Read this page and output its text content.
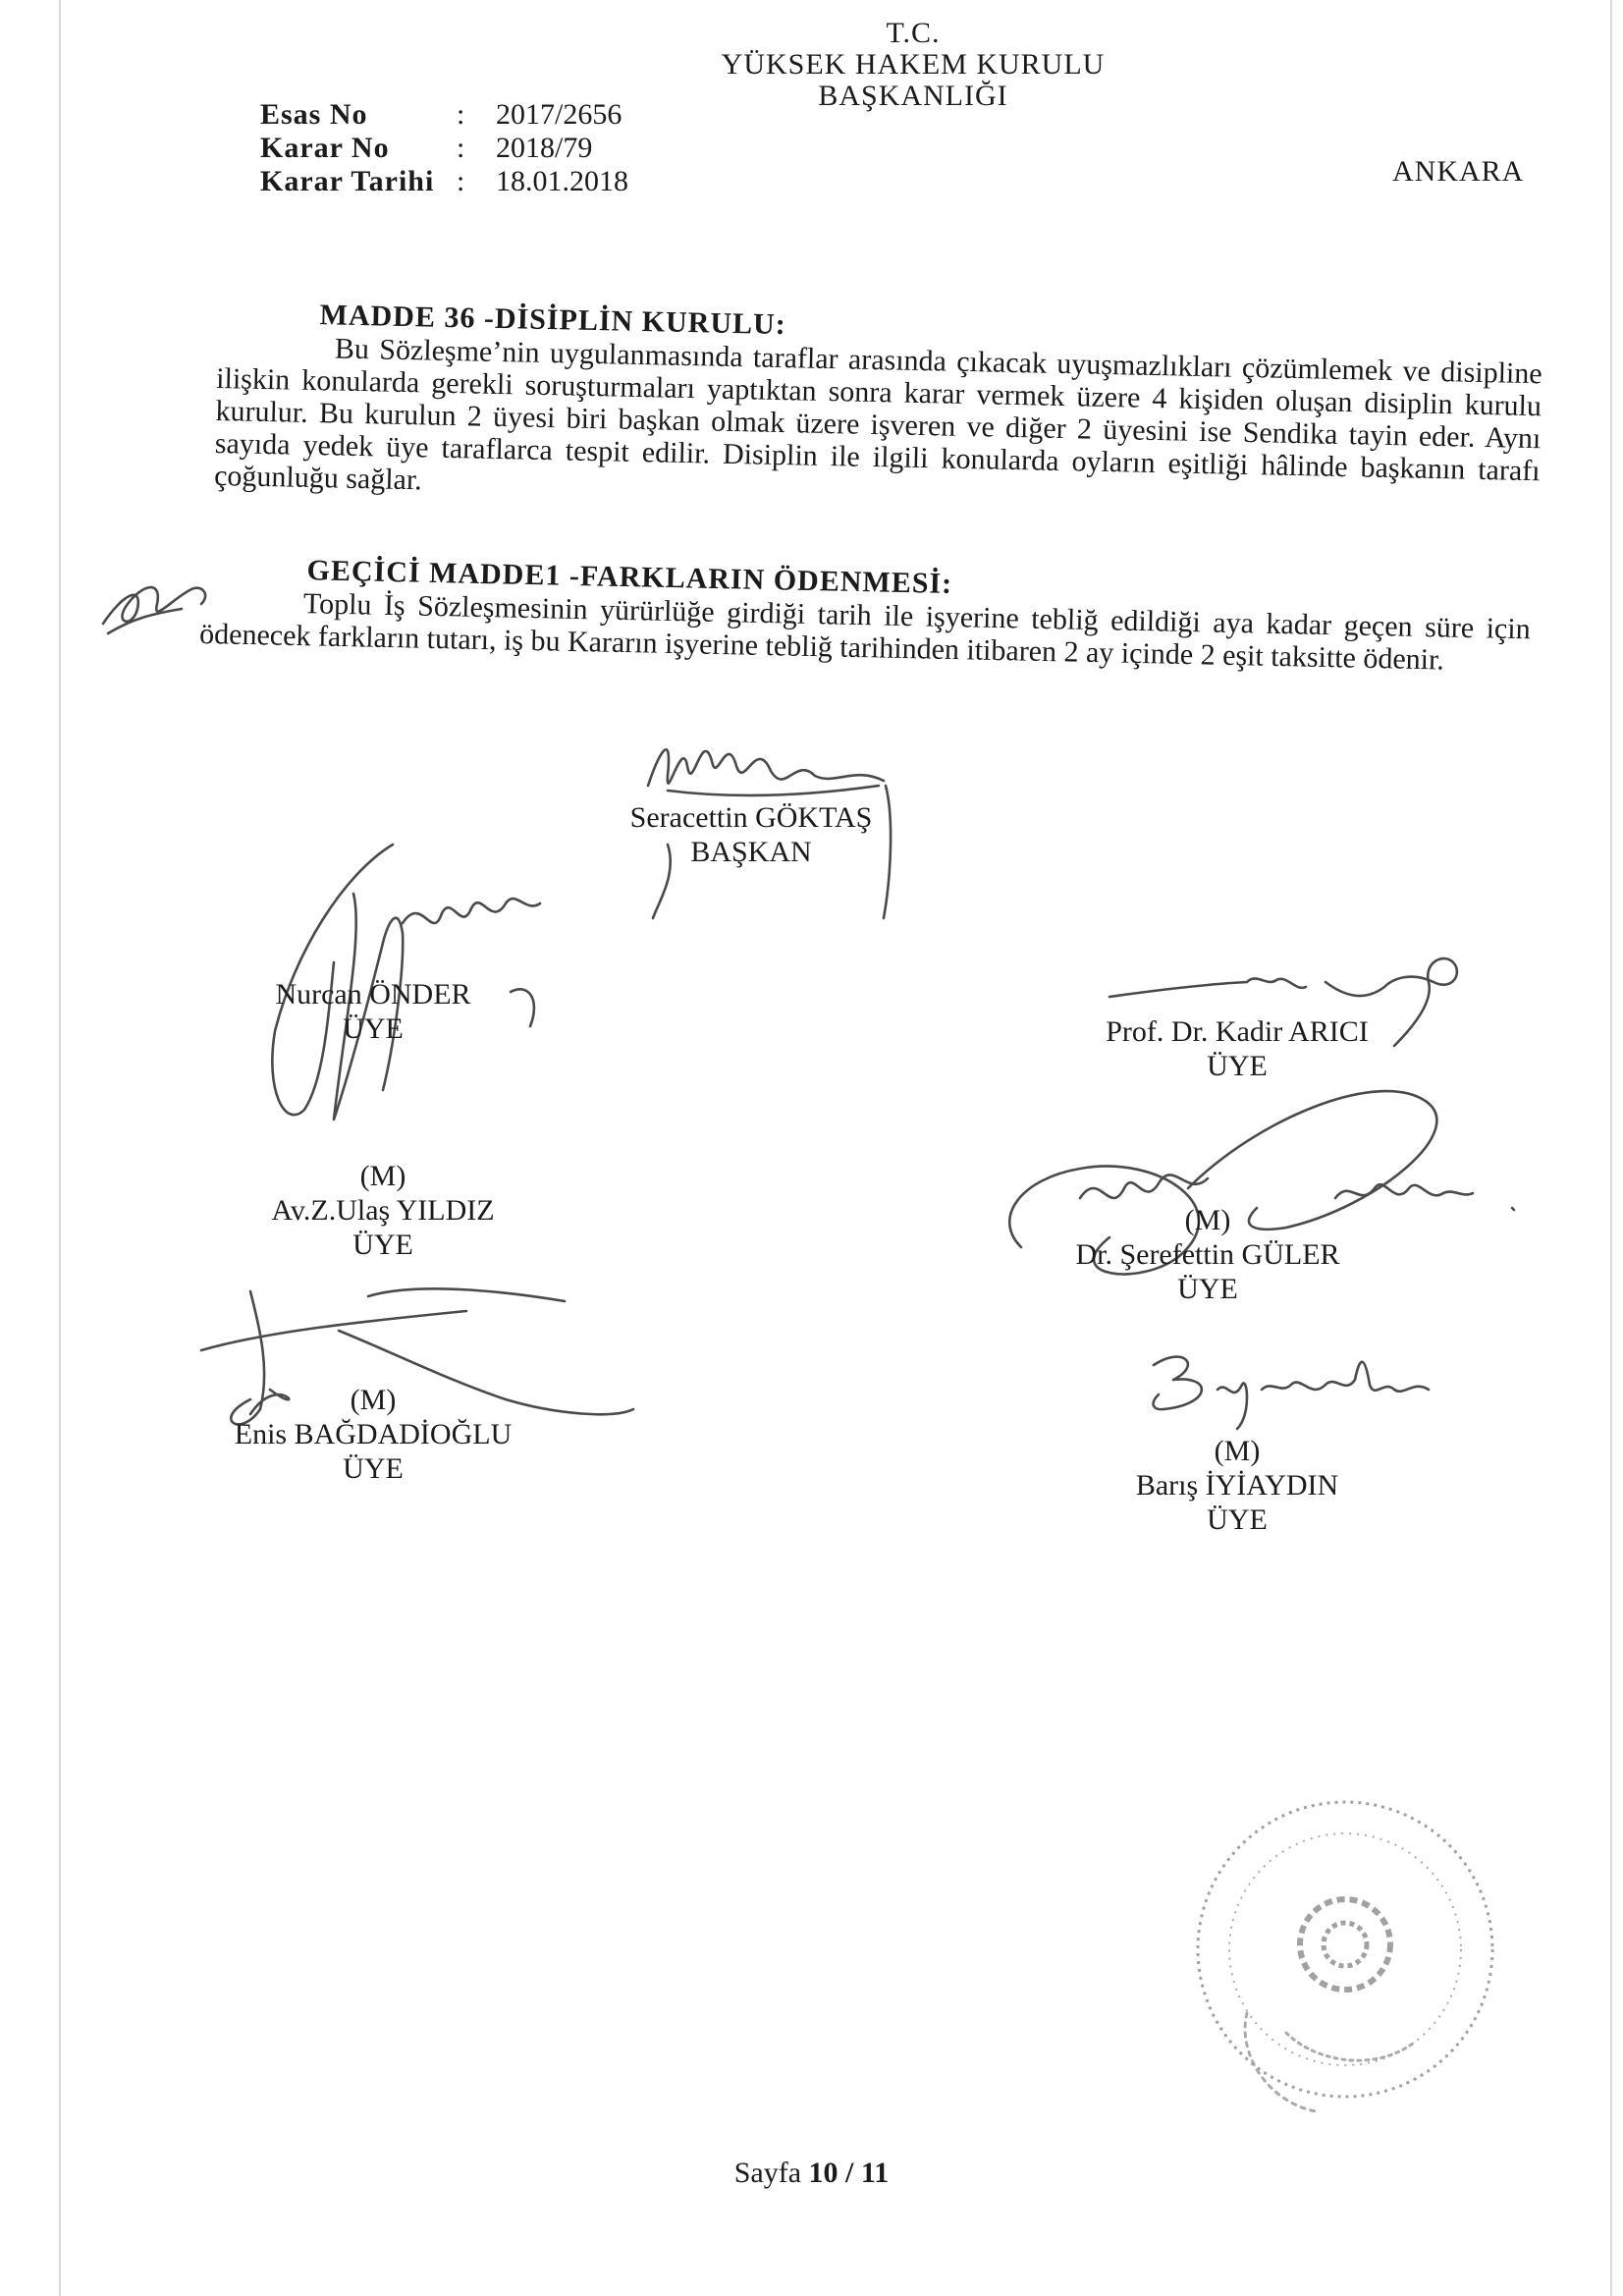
T.C.
YÜKSEK HAKEM KURULU
BAŞKANLIĞI
Esas No	:	2017/2656
Karar No	:	2018/79
Karar Tarihi :	18.01.2018	ANKARA
MADDE 36 -DİSİPLİN KURULU:
Bu Sözleşme’nin uygulanmasında taraflar arasında çıkacak uyuşmazlıkları çözümlemek ve disipline ilişkin konularda gerekli soruşturmaları yaptıktan sonra karar vermek üzere 4 kişiden oluşan disiplin kurulu kurulur. Bu kurulun 2 üyesi biri başkan olmak üzere işveren ve diğer 2 üyesini ise Sendika tayin eder. Aynı sayıda yedek üye taraflarca tespit edilir. Disiplin ile ilgili konularda oyların eşitliği hâlinde başkanın tarafı çoğunluğu sağlar.
GEÇİCİ MADDE1 -FARKLARIN ÖDENMESİ:
Toplu İş Sözleşmesinin yürürlüğe girdiği tarih ile işyerine tebliğ edildiği aya kadar geçen süre için ödenecek farkların tutarı, iş bu Kararın işyerine tebliğ tarihinden itibaren 2 ay içinde 2 eşit taksitte ödenir.
Seracettin GÖKTAŞ
BAŞKAN
Nurcan ÖNDER
ÜYE	Prof. Dr. Kadir ARICI
ÜYE
(M)
Av.Z.Ulaş YILDIZ
ÜYE
(M)
Dr. Şerefettin GÜLER
ÜYE
(M)
Enis BAĞDADİOĞLU
ÜYE
(M)
Barış İYİAYDIN
ÜYE
Sayfa 10 / 11
